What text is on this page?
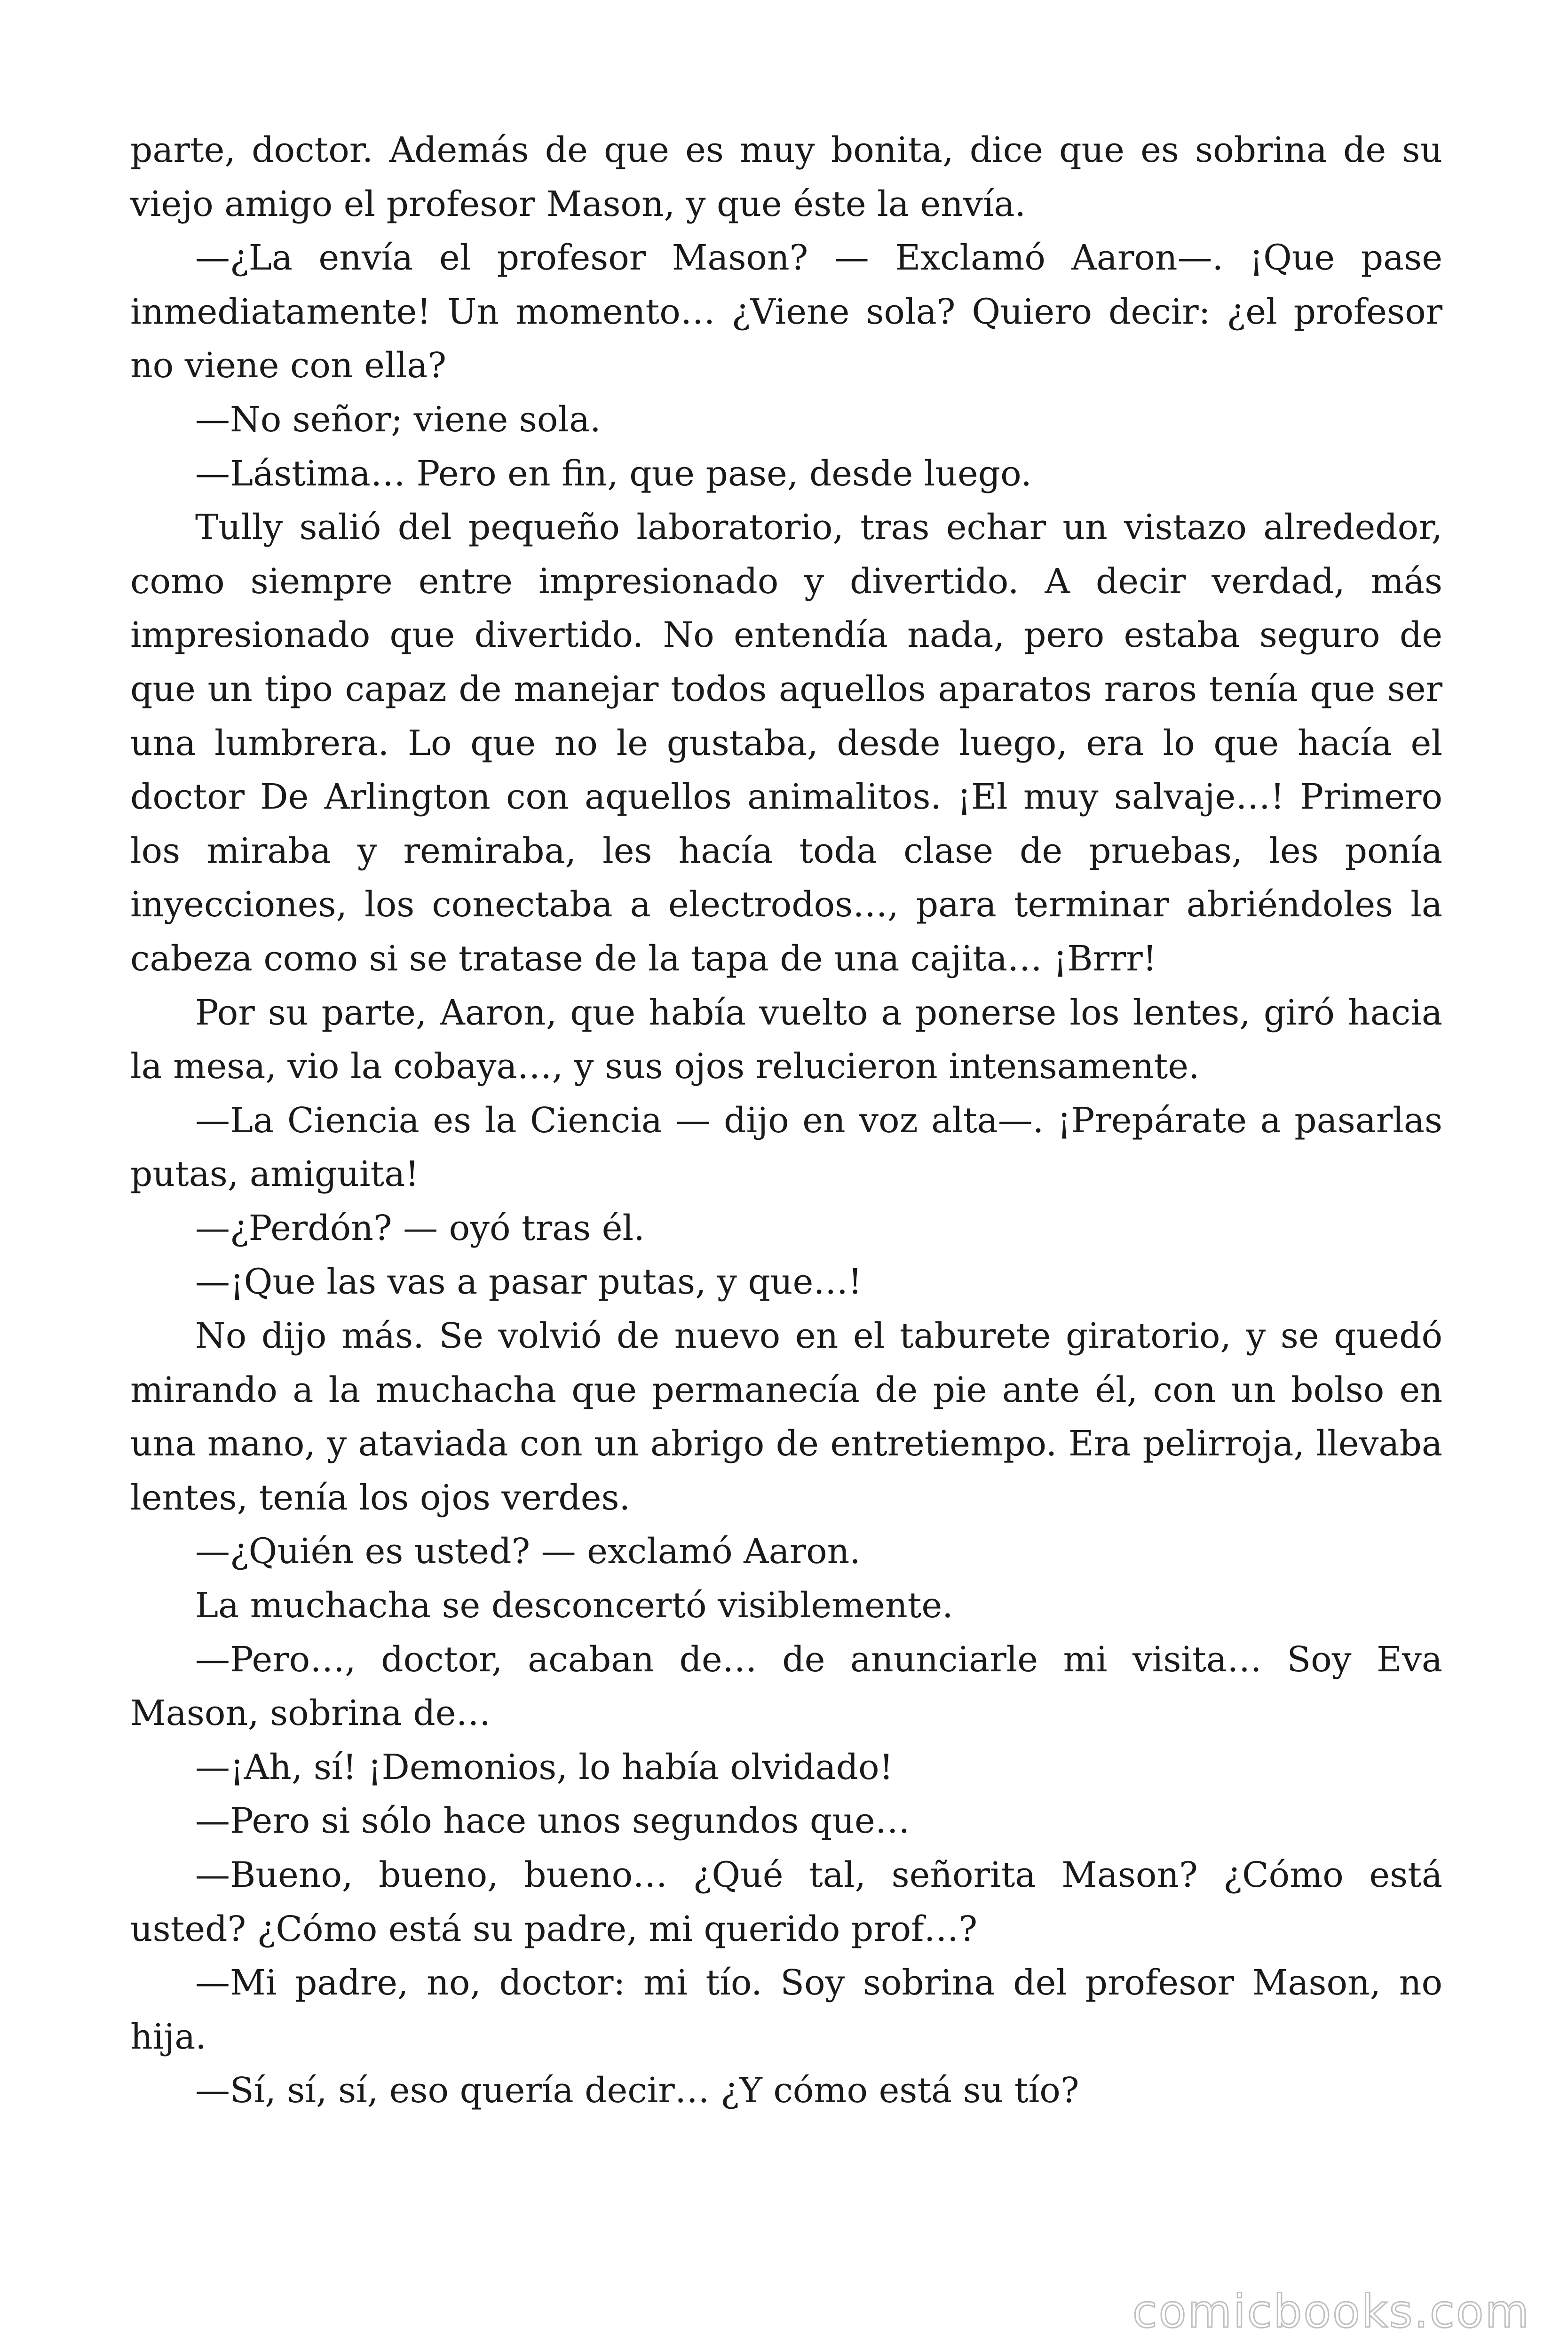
parte, doctor. Además de que es muy bonita, dice que es sobrina de su viejo amigo el profesor Mason, y que éste la envía.

—¿La envía el profesor Mason? — Exclamó Aaron—. ¡Que pase inmediatamente! Un momento… ¿Viene sola? Quiero decir: ¿el profesor no viene con ella?

—No señor; viene sola.

—Lástima… Pero en fin, que pase, desde luego.

Tully salió del pequeño laboratorio, tras echar un vistazo alrededor, como siempre entre impresionado y divertido. A decir verdad, más impresionado que divertido. No entendía nada, pero estaba seguro de que un tipo capaz de manejar todos aquellos aparatos raros tenía que ser una lumbrera. Lo que no le gustaba, desde luego, era lo que hacía el doctor De Arlington con aquellos animalitos. ¡El muy salvaje…! Primero los miraba y remiraba, les hacía toda clase de pruebas, les ponía inyecciones, los conectaba a electrodos…, para terminar abriéndoles la cabeza como si se tratase de la tapa de una cajita… ¡Brrr!

Por su parte, Aaron, que había vuelto a ponerse los lentes, giró hacia la mesa, vio la cobaya…, y sus ojos relucieron intensamente.

—La Ciencia es la Ciencia — dijo en voz alta—. ¡Prepárate a pasarlas putas, amiguita!

—¿Perdón? — oyó tras él.

—¡Que las vas a pasar putas, y que…!

No dijo más. Se volvió de nuevo en el taburete giratorio, y se quedó mirando a la muchacha que permanecía de pie ante él, con un bolso en una mano, y ataviada con un abrigo de entretiempo. Era pelirroja, llevaba lentes, tenía los ojos verdes.

—¿Quién es usted? — exclamó Aaron.

La muchacha se desconcertó visiblemente.

—Pero…, doctor, acaban de… de anunciarle mi visita… Soy Eva Mason, sobrina de…

—¡Ah, sí! ¡Demonios, lo había olvidado!

—Pero si sólo hace unos segundos que…

—Bueno, bueno, bueno… ¿Qué tal, señorita Mason? ¿Cómo está usted? ¿Cómo está su padre, mi querido prof…?

—Mi padre, no, doctor: mi tío. Soy sobrina del profesor Mason, no hija.

—Sí, sí, sí, eso quería decir… ¿Y cómo está su tío?

comicbooks.com
